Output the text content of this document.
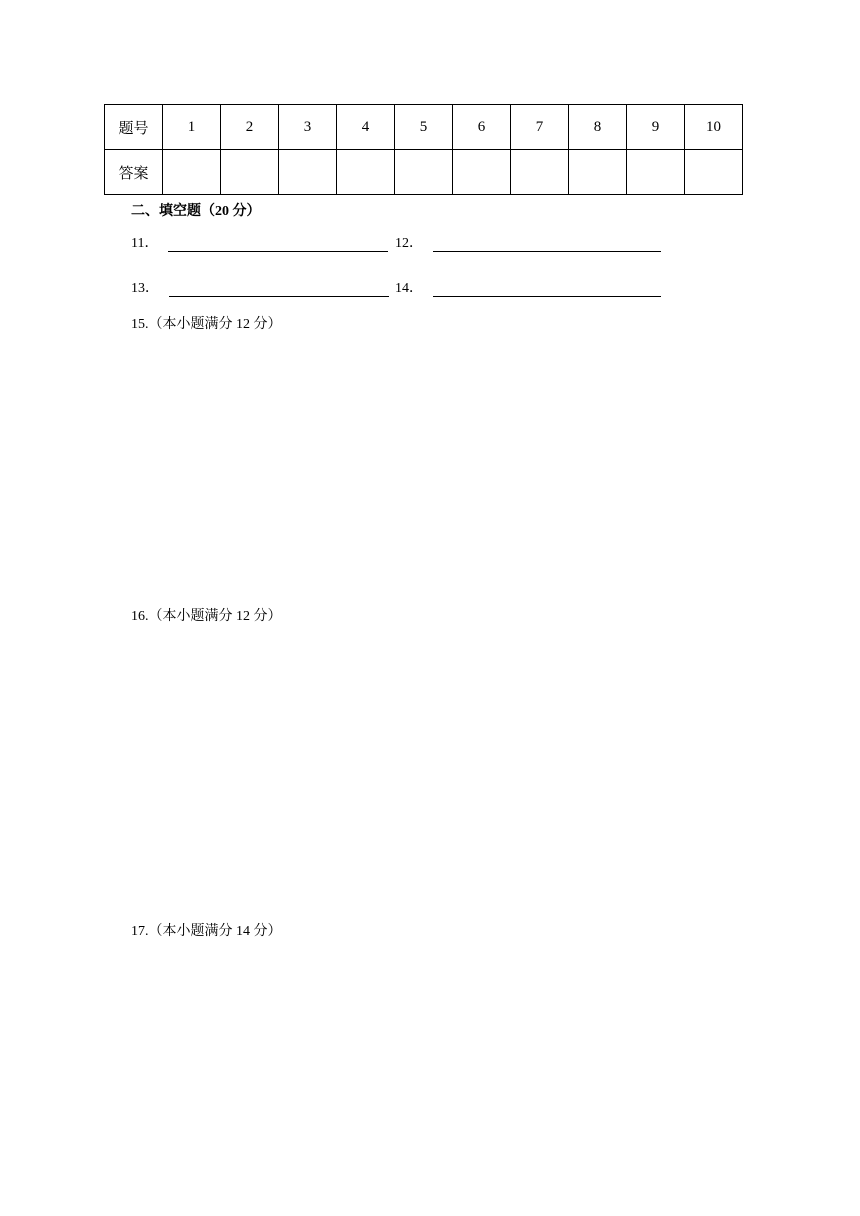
题号	1	2	3	4	5	6	7	8	9	10
答案										
二、填空题（20 分）
11．	12．
13．	14．
15.（本小题满分 12 分）
16.（本小题满分 12 分）
17.（本小题满分 14 分）
